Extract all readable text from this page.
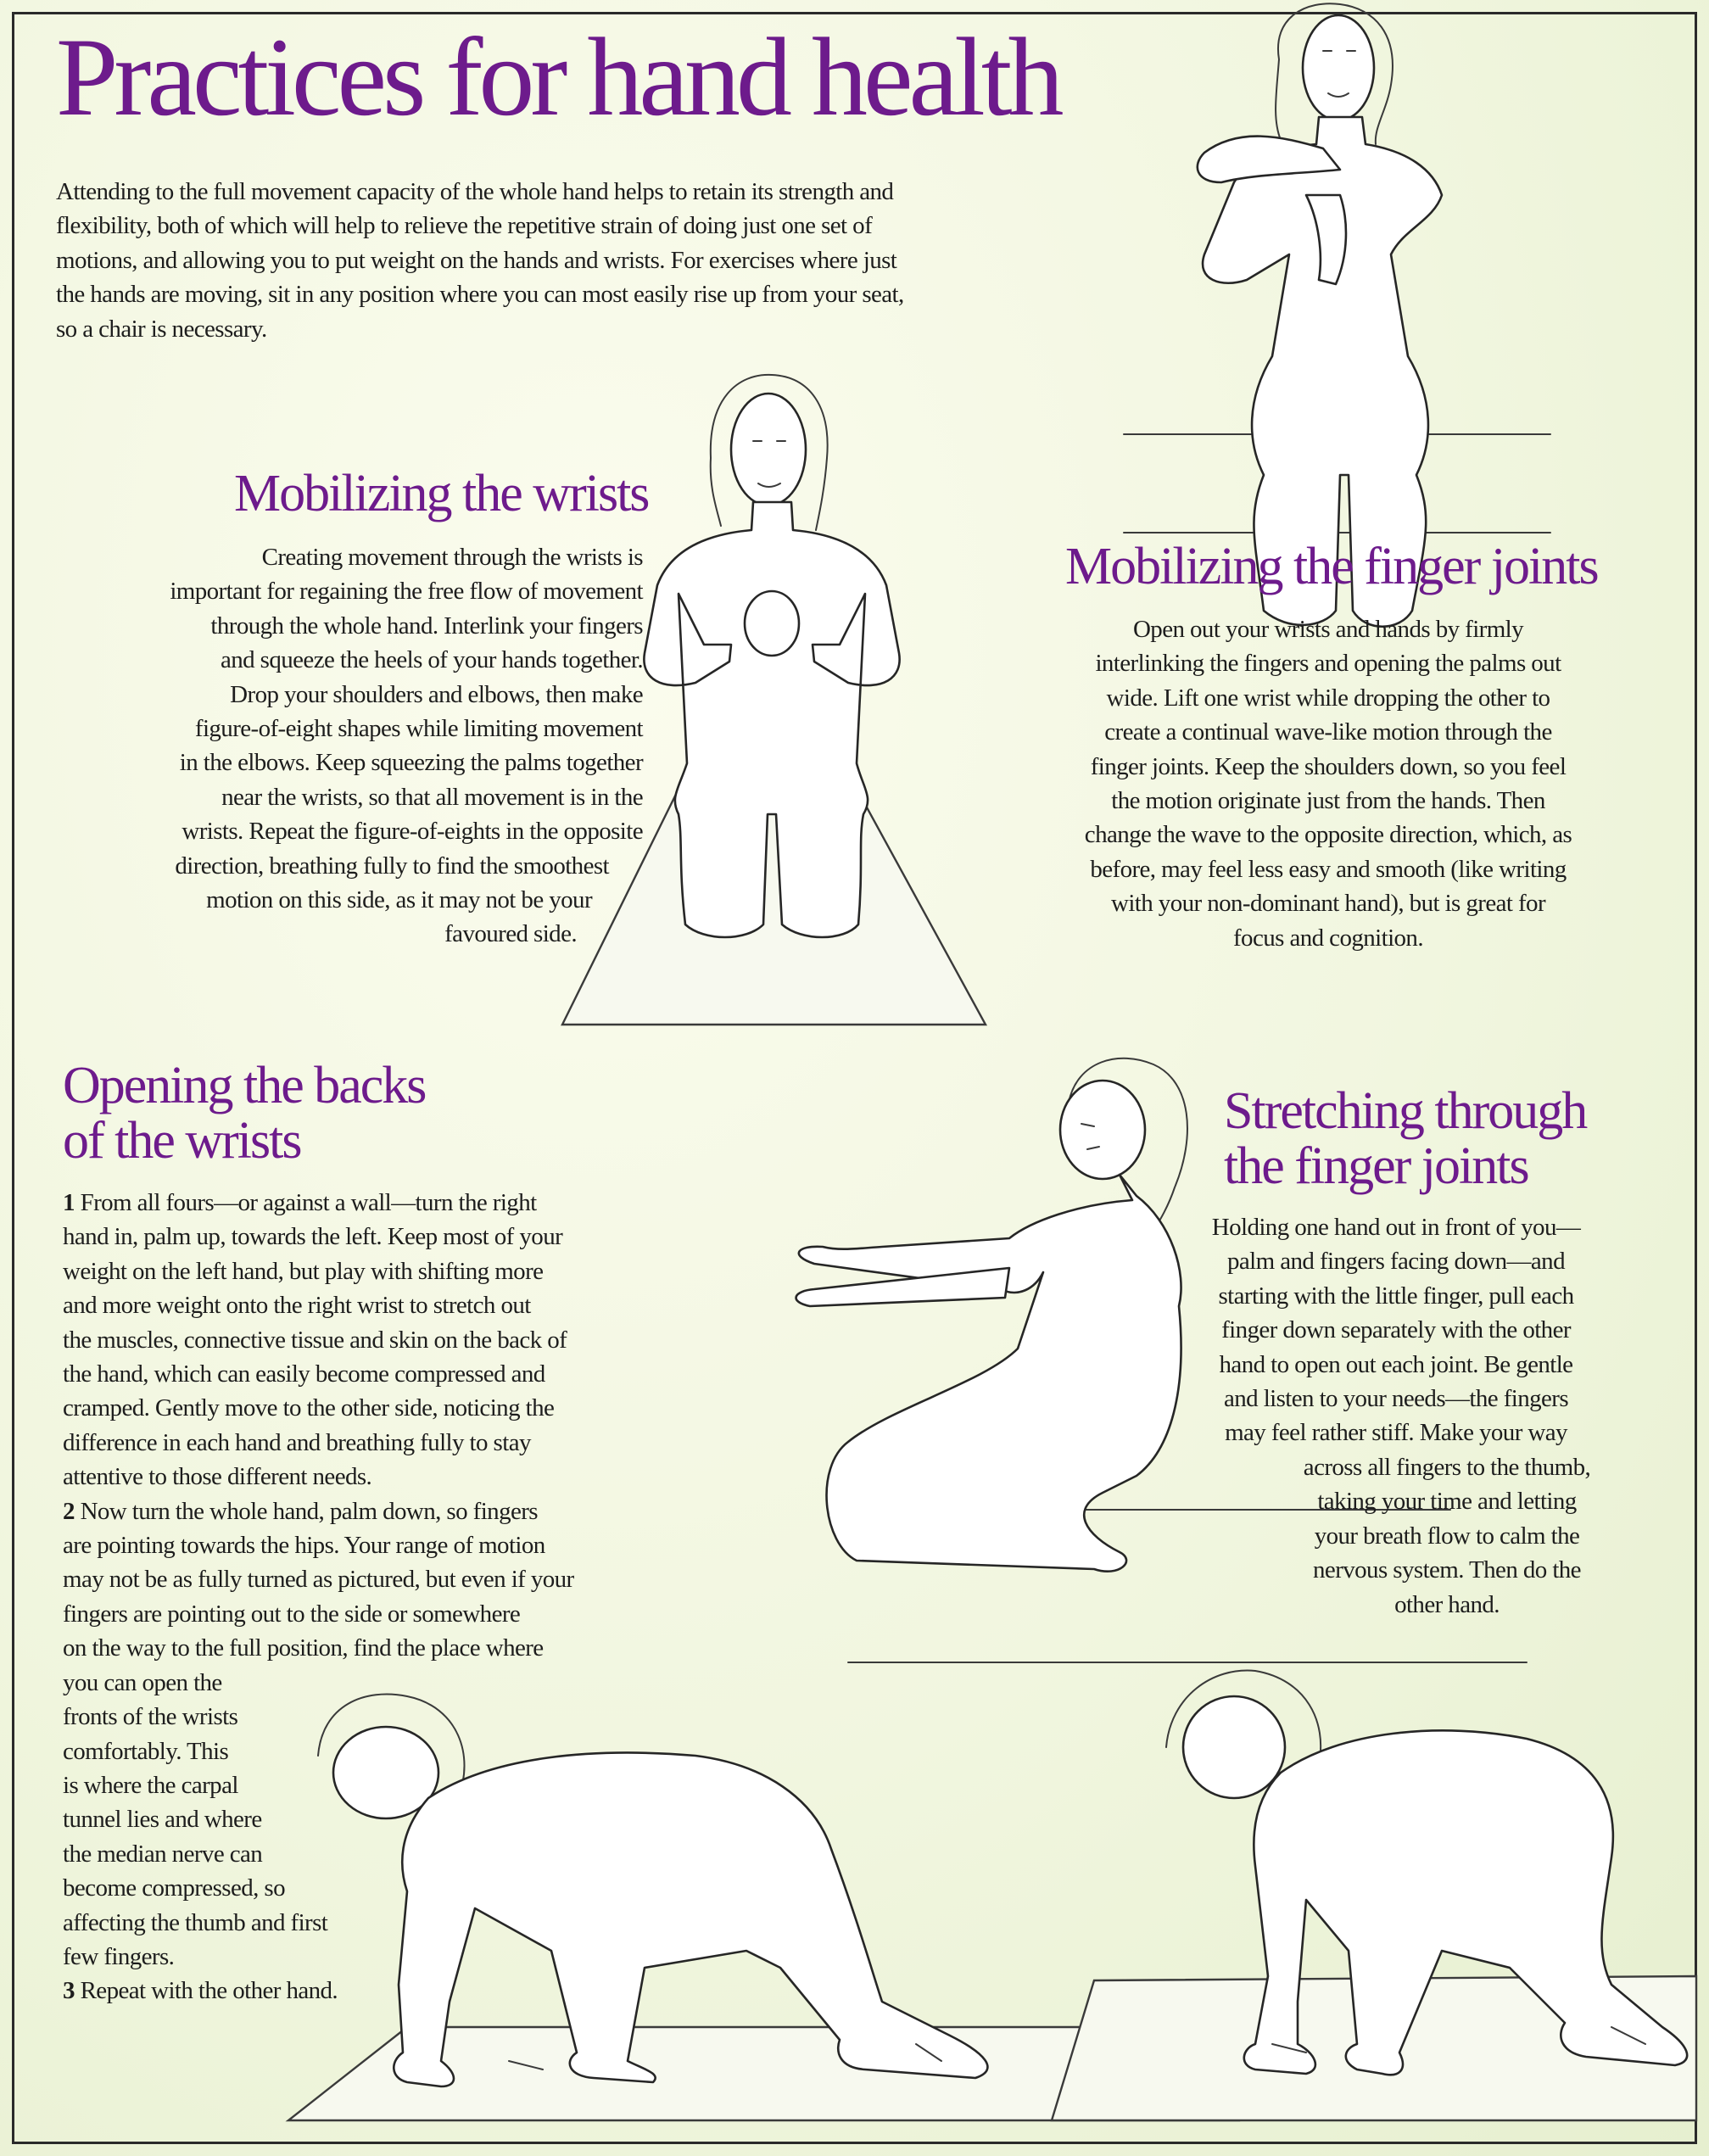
Practices for hand health

Attending to the full movement capacity of the whole hand helps to retain its strength and
flexibility, both of which will help to relieve the repetitive strain of doing just one set of
motions, and allowing you to put weight on the hands and wrists. For exercises where just
the hands are moving, sit in any position where you can most easily rise up from your seat,
so a chair is necessary.

Mobilizing the wrists

Creating movement through the wrists is
important for regaining the free flow of movement
through the whole hand. Interlink your fingers
and squeeze the heels of your hands together.
Drop your shoulders and elbows, then make
figure-of-eight shapes while limiting movement
in the elbows. Keep squeezing the palms together
near the wrists, so that all movement is in the
wrists. Repeat the figure-of-eights in the opposite
direction, breathing fully to find the smoothest
motion on this side, as it may not be your
favoured side.

Mobilizing the finger joints

Open out your wrists and hands by firmly
interlinking the fingers and opening the palms out
wide. Lift one wrist while dropping the other to
create a continual wave-like motion through the
finger joints. Keep the shoulders down, so you feel
the motion originate just from the hands. Then
change the wave to the opposite direction, which, as
before, may feel less easy and smooth (like writing
with your non-dominant hand), but is great for
focus and cognition.

Opening the backs
of the wrists

1 From all fours—or against a wall—turn the right
hand in, palm up, towards the left. Keep most of your
weight on the left hand, but play with shifting more
and more weight onto the right wrist to stretch out
the muscles, connective tissue and skin on the back of
the hand, which can easily become compressed and
cramped. Gently move to the other side, noticing the
difference in each hand and breathing fully to stay
attentive to those different needs.
2 Now turn the whole hand, palm down, so fingers
are pointing towards the hips. Your range of motion
may not be as fully turned as pictured, but even if your
fingers are pointing out to the side or somewhere
on the way to the full position, find the place where
you can open the
fronts of the wrists
comfortably. This
is where the carpal
tunnel lies and where
the median nerve can
become compressed, so
affecting the thumb and first
few fingers.
3 Repeat with the other hand.

Stretching through
the finger joints

Holding one hand out in front of you—
palm and fingers facing down—and
starting with the little finger, pull each
finger down separately with the other
hand to open out each joint. Be gentle
and listen to your needs—the fingers
may feel rather stiff. Make your way

across all fingers to the thumb,
taking your time and letting
your breath flow to calm the
nervous system. Then do the
other hand.
